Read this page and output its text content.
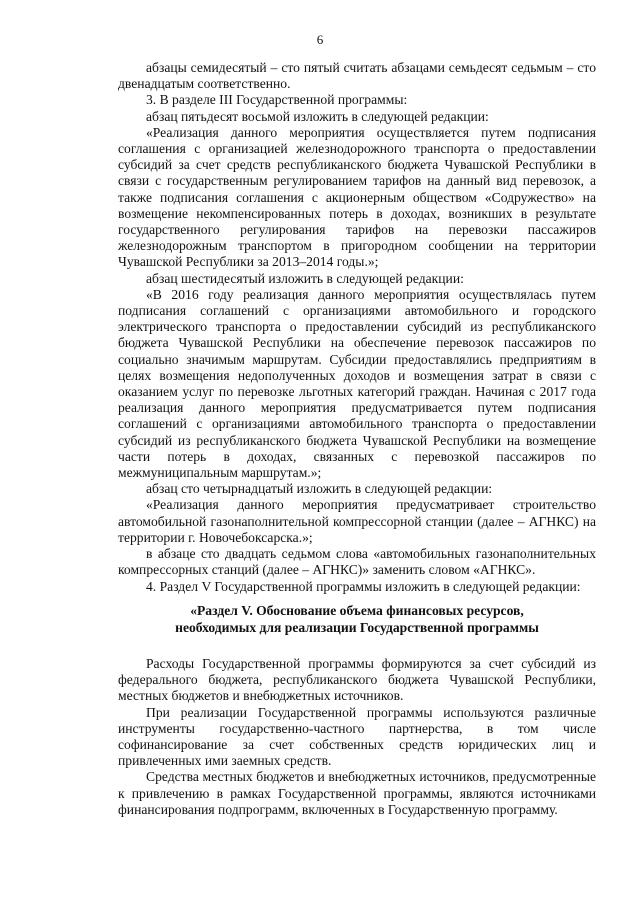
6

абзацы семидесятый – сто пятый считать абзацами семьдесят седьмым – сто двенадцатым соответственно.

3. В разделе III Государственной программы:

абзац пятьдесят восьмой изложить в следующей редакции:

«Реализация данного мероприятия осуществляется путем подписания соглашения с организацией железнодорожного транспорта о предоставлении субсидий за счет средств республиканского бюджета Чувашской Республики в связи с государственным регулированием тарифов на данный вид перевозок, а также подписания соглашения с акционерным обществом «Содружество» на возмещение некомпенсированных потерь в доходах, возникших в результате государственного регулирования тарифов на перевозки пассажиров железнодорожным транспортом в пригородном сообщении на территории Чувашской Республики за 2013–2014 годы.»;

абзац шестидесятый изложить в следующей редакции:

«В 2016 году реализация данного мероприятия осуществлялась путем подписания соглашений с организациями автомобильного и городского электрического транспорта о предоставлении субсидий из республиканского бюджета Чувашской Республики на обеспечение перевозок пассажиров по социально значимым маршрутам. Субсидии предоставлялись предприятиям в целях возмещения недополученных доходов и возмещения затрат в связи с оказанием услуг по перевозке льготных категорий граждан. Начиная с 2017 года реализация данного мероприятия предусматривается путем подписания соглашений с организациями автомобильного транспорта о предоставлении субсидий из республиканского бюджета Чувашской Республики на возмещение части потерь в доходах, связанных с перевозкой пассажиров по межмуниципальным маршрутам.»;

абзац сто четырнадцатый изложить в следующей редакции:

«Реализация данного мероприятия предусматривает строительство автомобильной газонаполнительной компрессорной станции (далее – АГНКС) на территории г. Новочебоксарска.»;

в абзаце сто двадцать седьмом слова «автомобильных газонаполнительных компрессорных станций (далее – АГНКС)» заменить словом «АГНКС».

4. Раздел V Государственной программы изложить в следующей редакции:

«Раздел V. Обоснование объема финансовых ресурсов,
необходимых для реализации Государственной программы

Расходы Государственной программы формируются за счет субсидий из федерального бюджета, республиканского бюджета Чувашской Республики, местных бюджетов и внебюджетных источников.

При реализации Государственной программы используются различные инструменты государственно-частного партнерства, в том числе софинансирование за счет собственных средств юридических лиц и привлеченных ими заемных средств.

Средства местных бюджетов и внебюджетных источников, предусмотренные к привлечению в рамках Государственной программы, являются источниками финансирования подпрограмм, включенных в Государственную программу.
